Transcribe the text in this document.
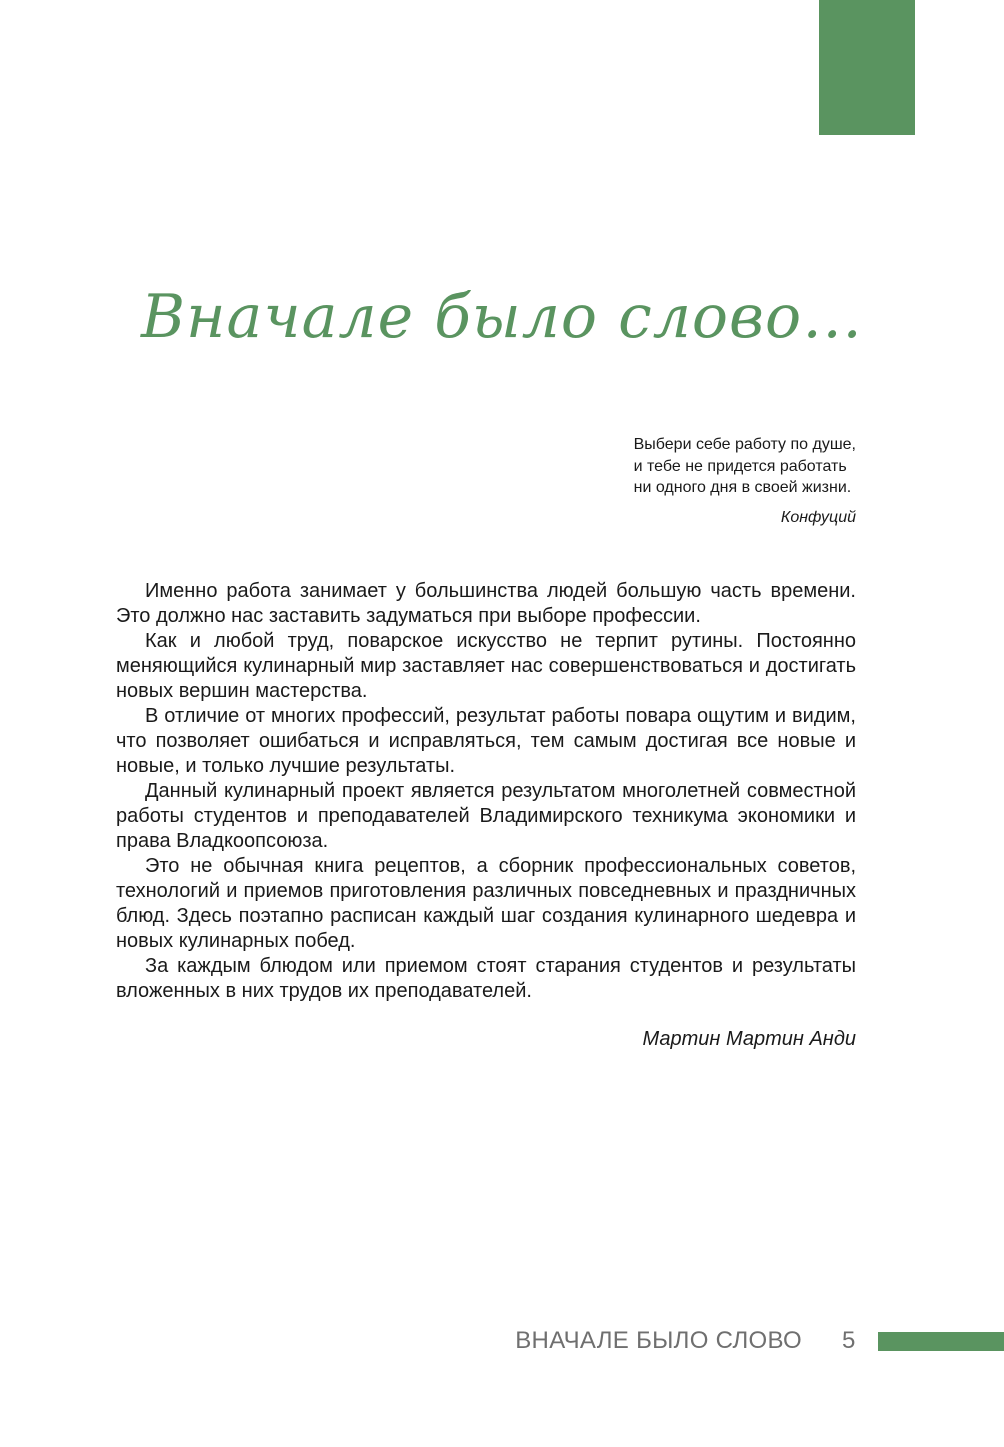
Вначале было слово…
Выбери себе работу по душе,
и тебе не придется работать
ни одного дня в своей жизни.
Конфуций

Именно работа занимает у большинства людей большую часть времени. Это должно нас заставить задуматься при выборе профессии.

Как и любой труд, поварское искусство не терпит рутины. Постоянно меняющийся кулинарный мир заставляет нас совершенствоваться и достигать новых вершин мастерства.

В отличие от многих профессий, результат работы повара ощутим и видим, что позволяет ошибаться и исправляться, тем самым достигая все новые и новые, и только лучшие результаты.

Данный кулинарный проект является результатом многолетней совместной работы студентов и преподавателей Владимирского техникума экономики и права Владкоопсоюза.

Это не обычная книга рецептов, а сборник профессиональных советов, технологий и приемов приготовления различных повседневных и праздничных блюд. Здесь поэтапно расписан каждый шаг создания кулинарного шедевра и новых кулинарных побед.

За каждым блюдом или приемом стоят старания студентов и результаты вложенных в них трудов их преподавателей.

Мартин Мартин Анди
ВНАЧАЛЕ БЫЛО СЛОВО 5
